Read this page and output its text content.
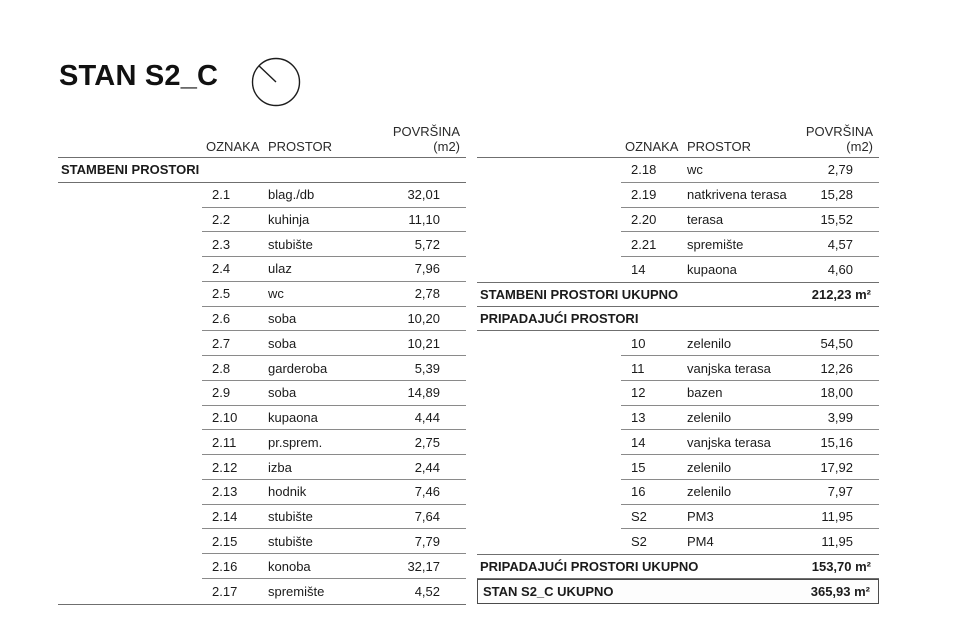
STAN S2_C
OZNAKA PROSTOR
POVRŠINA (m2)
STAMBENI PROSTORI
2.1	blag./db	32,01
2.2	kuhinja	11,10
2.3	stubište	5,72
2.4	ulaz	7,96
2.5	wc	2,78
2.6	soba	10,20
2.7	soba	10,21
2.8	garderoba	5,39
2.9	soba	14,89
2.10	kupaona	4,44
2.11	pr.sprem.	2,75
2.12	izba	2,44
2.13	hodnik	7,46
2.14	stubište	7,64
2.15	stubište	7,79
2.16	konoba	32,17
2.17	spremište	4,52
OZNAKA PROSTOR
POVRŠINA (m2)
2.18	wc	2,79
2.19	natkrivena terasa	15,28
2.20	terasa	15,52
2.21	spremište	4,57
14	kupaona	4,60
STAMBENI PROSTORI UKUPNO	212,23 m²
PRIPADAJUĆI PROSTORI
10	zelenilo	54,50
11	vanjska terasa	12,26
12	bazen	18,00
13	zelenilo	3,99
14	vanjska terasa	15,16
15	zelenilo	17,92
16	zelenilo	7,97
S2	PM3	11,95
S2	PM4	11,95
PRIPADAJUĆI PROSTORI UKUPNO	153,70 m²
STAN S2_C UKUPNO	365,93 m²
